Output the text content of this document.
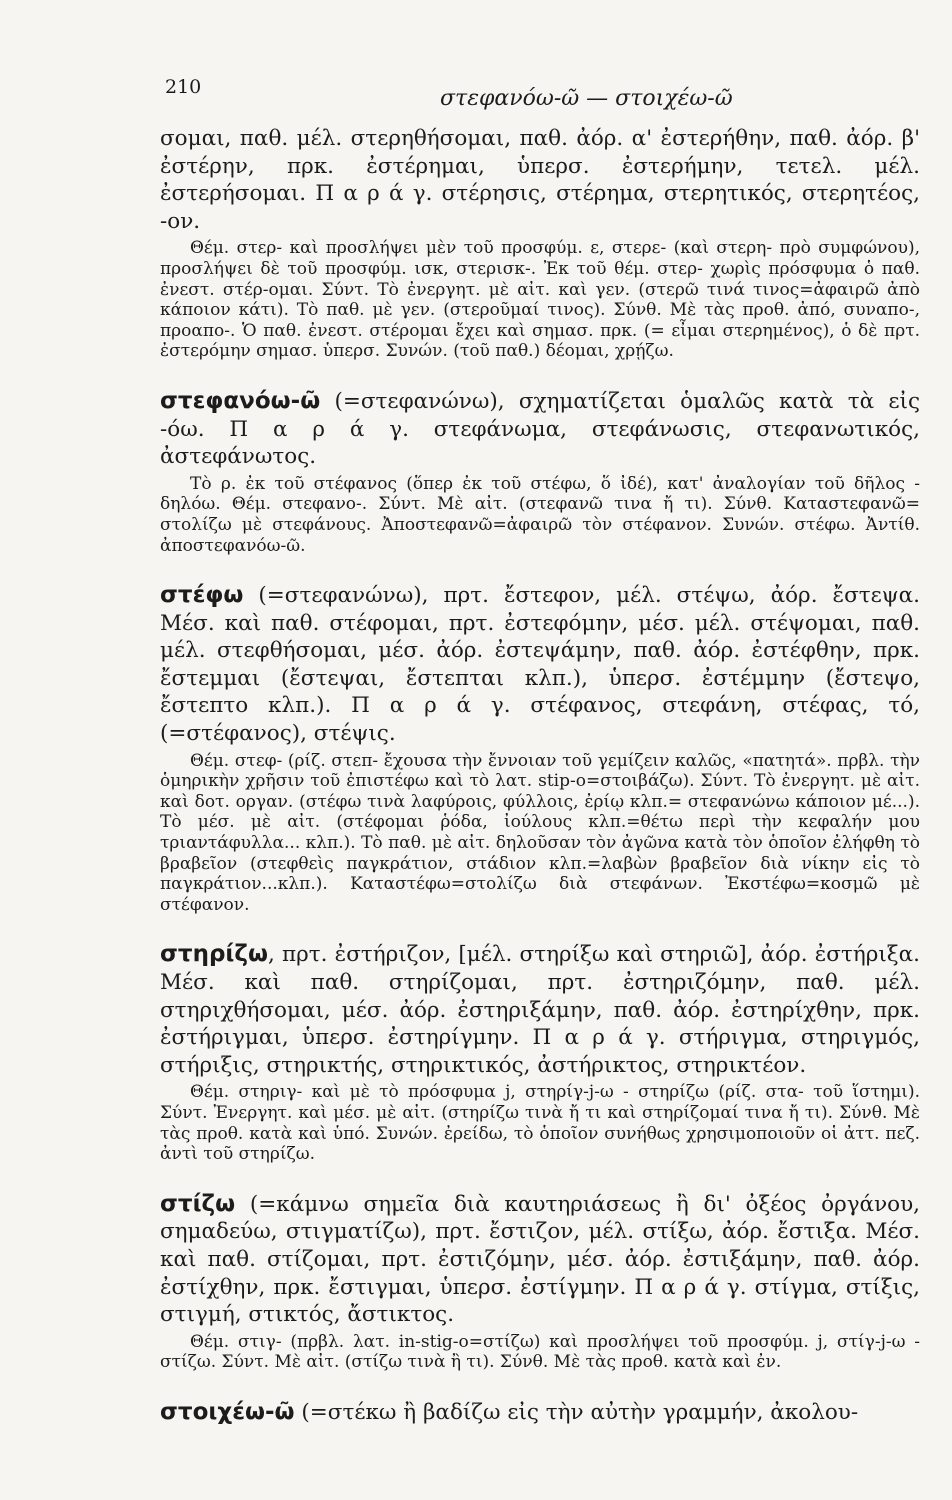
210	στεφανόω-ῶ — στοιχέω-ῶ

σομαι, παθ. μέλ. στερηθήσομαι, παθ. ἀόρ. α' ἐστερήθην, παθ. ἀόρ. β' ἐστέρην, πρκ. ἐστέρημαι, ὑπερσ. ἐστερήμην, τετελ. μέλ. ἐστερήσομαι. Π α ρ ά γ. στέρησις, στέρημα, στερητικός, στερητέος, -ον.

Θέμ. στερ- καὶ προσλήψει μὲν τοῦ προσφύμ. ε, στερε- (καὶ στερη- πρὸ συμφώνου), προσλήψει δὲ τοῦ προσφύμ. ισκ, στερισκ-. Ἐκ τοῦ θέμ. στερ- χωρὶς πρόσφυμα ὁ παθ. ἐνεστ. στέρ-ομαι. Σύντ. Τὸ ἐνεργητ. μὲ αἰτ. καὶ γεν. (στερῶ τινά τινος=ἀφαιρῶ ἀπὸ κάποιον κάτι). Τὸ παθ. μὲ γεν. (στεροῦμαί τινος). Σύνθ. Μὲ τὰς προθ. ἀπό, συναπο-, προαπο-. Ὁ παθ. ἐνεστ. στέρομαι ἔχει καὶ σημασ. πρκ. (= εἶμαι στερημένος), ὁ δὲ πρτ. ἐστερόμην σημασ. ὑπερσ. Συνών. (τοῦ παθ.) δέομαι, χρῄζω.

στεφανόω-ῶ (=στεφανώνω), σχηματίζεται ὁμαλῶς κατὰ τὰ εἰς -όω. Π α ρ ά γ. στεφάνωμα, στεφάνωσις, στεφανωτικός, ἀστεφάνωτος.

Τὸ ρ. ἐκ τοῦ στέφανος (ὅπερ ἐκ τοῦ στέφω, ὅ ἰδέ), κατ' ἀναλογίαν τοῦ δῆλος - δηλόω. Θέμ. στεφανο-. Σύντ. Μὲ αἰτ. (στεφανῶ τινα ἤ τι). Σύνθ. Καταστεφανῶ= στολίζω μὲ στεφάνους. Ἀποστεφανῶ=ἀφαιρῶ τὸν στέφανον. Συνών. στέφω. Ἀντίθ. ἀποστεφανόω-ῶ.

στέφω (=στεφανώνω), πρτ. ἔστεφον, μέλ. στέψω, ἀόρ. ἔστεψα. Μέσ. καὶ παθ. στέφομαι, πρτ. ἐστεφόμην, μέσ. μέλ. στέψομαι, παθ. μέλ. στεφθήσομαι, μέσ. ἀόρ. ἐστεψάμην, παθ. ἀόρ. ἐστέφθην, πρκ. ἔστεμμαι (ἔστεψαι, ἔστεπται κλπ.), ὑπερσ. ἐστέμμην (ἔστεψο, ἔστεπτο κλπ.). Π α ρ ά γ. στέφανος, στεφάνη, στέφας, τό, (=στέφανος), στέψις.

Θέμ. στεφ- (ρίζ. στεπ- ἔχουσα τὴν ἔννοιαν τοῦ γεμίζειν καλῶς, «πατητά». πρβλ. τὴν ὁμηρικὴν χρῆσιν τοῦ ἐπιστέφω καὶ τὸ λατ. stip-o=στοιβάζω). Σύντ. Τὸ ἐνεργητ. μὲ αἰτ. καὶ δοτ. οργαν. (στέφω τινὰ λαφύροις, φύλλοις, ἐρίῳ κλπ.= στεφανώνω κάποιον μέ...). Τὸ μέσ. μὲ αἰτ. (στέφομαι ῥόδα, ἰούλους κλπ.=θέτω περὶ τὴν κεφαλήν μου τριαντάφυλλα... κλπ.). Τὸ παθ. μὲ αἰτ. δηλοῦσαν τὸν ἀγῶνα κατὰ τὸν ὁποῖον ἐλήφθη τὸ βραβεῖον (στεφθεὶς παγκράτιον, στάδιον κλπ.=λαβὼν βραβεῖον διὰ νίκην εἰς τὸ παγκράτιον...κλπ.). Καταστέφω=στολίζω διὰ στεφάνων. Ἐκστέφω=κοσμῶ μὲ στέφανον.

στηρίζω, πρτ. ἐστήριζον, [μέλ. στηρίξω καὶ στηριῶ], ἀόρ. ἐστήριξα. Μέσ. καὶ παθ. στηρίζομαι, πρτ. ἐστηριζόμην, παθ. μέλ. στηριχθήσομαι, μέσ. ἀόρ. ἐστηριξάμην, παθ. ἀόρ. ἐστηρίχθην, πρκ. ἐστήριγμαι, ὑπερσ. ἐστηρίγμην. Π α ρ ά γ. στήριγμα, στηριγμός, στήριξις, στηρικτής, στηρικτικός, ἀστήρικτος, στηρικτέον.

Θέμ. στηριγ- καὶ μὲ τὸ πρόσφυμα j, στηρίγ-j-ω - στηρίζω (ρίζ. στα- τοῦ ἵστημι). Σύντ. Ἐνεργητ. καὶ μέσ. μὲ αἰτ. (στηρίζω τινὰ ἤ τι καὶ στηρίζομαί τινα ἤ τι). Σύνθ. Μὲ τὰς προθ. κατὰ καὶ ὑπό. Συνών. ἐρείδω, τὸ ὁποῖον συνήθως χρησιμοποιοῦν οἱ ἀττ. πεζ. ἀντὶ τοῦ στηρίζω.

στίζω (=κάμνω σημεῖα διὰ καυτηριάσεως ἢ δι' ὀξέος ὀργάνου, σημαδεύω, στιγματίζω), πρτ. ἔστιζον, μέλ. στίξω, ἀόρ. ἔστιξα. Μέσ. καὶ παθ. στίζομαι, πρτ. ἐστιζόμην, μέσ. ἀόρ. ἐστιξάμην, παθ. ἀόρ. ἐστίχθην, πρκ. ἔστιγμαι, ὑπερσ. ἐστίγμην. Π α ρ ά γ. στίγμα, στίξις, στιγμή, στικτός, ἄστικτος.

Θέμ. στιγ- (πρβλ. λατ. in-stig-o=στίζω) καὶ προσλήψει τοῦ προσφύμ. j, στίγ-j-ω - στίζω. Σύντ. Μὲ αἰτ. (στίζω τινὰ ἢ τι). Σύνθ. Μὲ τὰς προθ. κατὰ καὶ ἐν.

στοιχέω-ῶ (=στέκω ἢ βαδίζω εἰς τὴν αὐτὴν γραμμήν, ἀκολου-
